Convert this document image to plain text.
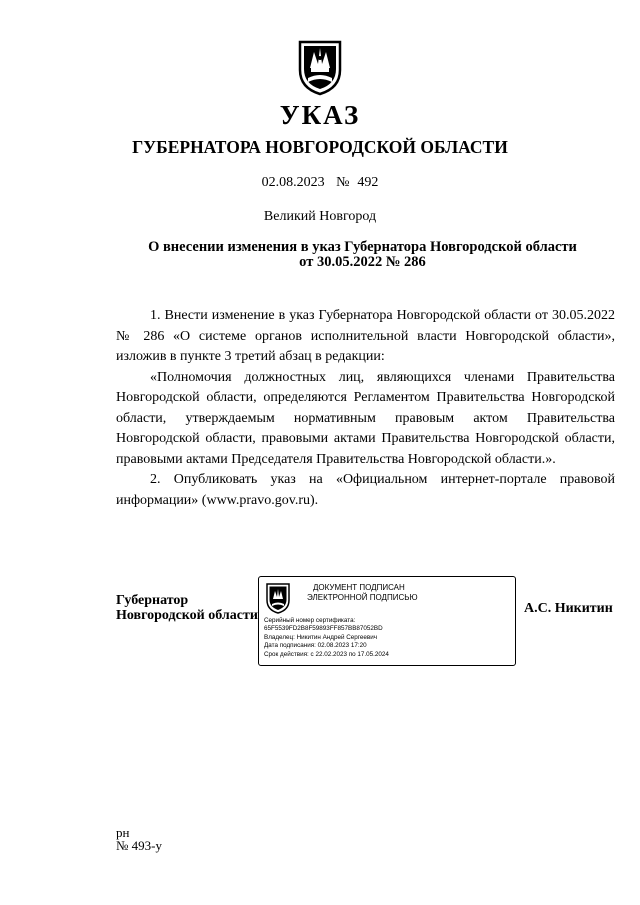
УКАЗ
ГУБЕРНАТОРА НОВГОРОДСКОЙ ОБЛАСТИ
02.08.2023 № 492
Великий Новгород
О внесении изменения в указ Губернатора Новгородской области
от 30.05.2022 № 286

1. Внести изменение в указ Губернатора Новгородской области от 30.05.2022 № 286 «О системе органов исполнительной власти Новгородской области», изложив в пункте 3 третий абзац в редакции:

«Полномочия должностных лиц, являющихся членами Правительства Новгородской области, определяются Регламентом Правительства Новгородской области, утверждаемым нормативным правовым актом Правительства Новгородской области, правовыми актами Правительства Новгородской области, правовыми актами Председателя Правительства Новгородской области.».

2. Опубликовать указ на «Официальном интернет-портале правовой информации» (www.pravo.gov.ru).

Губернатор
Новгородской области
ДОКУМЕНТ ПОДПИСАН
ЭЛЕКТРОННОЙ ПОДПИСЬЮ
Серийный номер сертификата:
65F5539FD2B8F59893FF857BB87052BD
Владелец: Никитин Андрей Сергеевич
Дата подписания: 02.08.2023 17:20
Срок действия: с 22.02.2023 по 17.05.2024
А.С. Никитин
рн
№ 493-у
